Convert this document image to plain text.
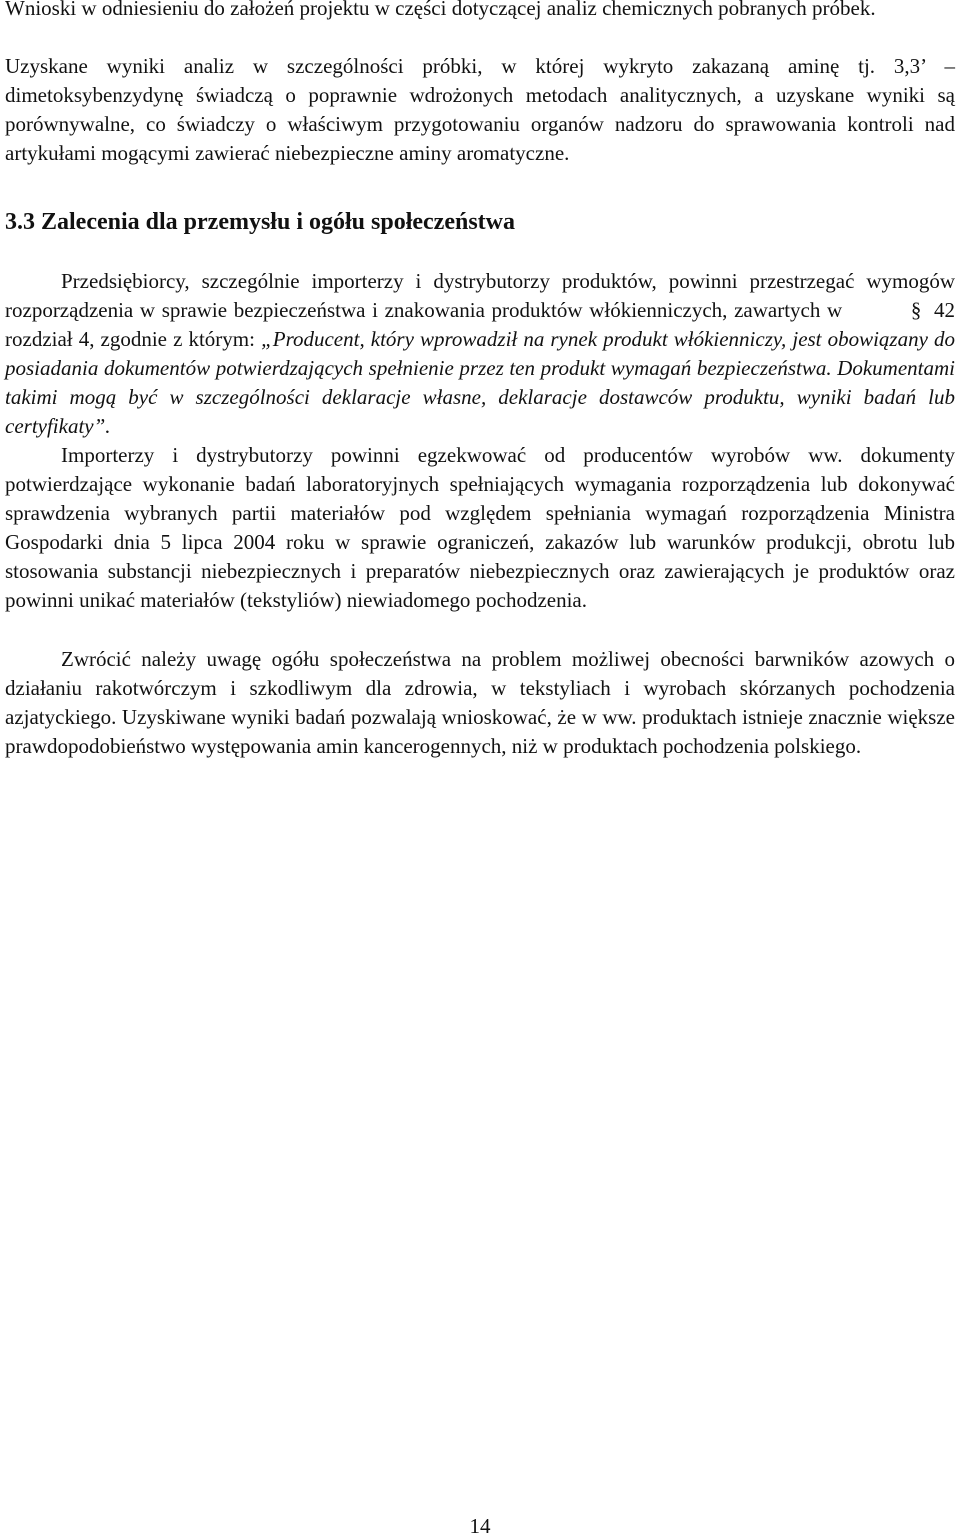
Wnioski w odniesieniu do założeń projektu w części dotyczącej analiz chemicznych pobranych próbek.

Uzyskane wyniki analiz w szczególności próbki, w której wykryto zakazaną aminę tj. 3,3’ – dimetoksybenzydynę świadczą o poprawnie wdrożonych metodach analitycznych, a uzyskane wyniki są porównywalne, co świadczy o właściwym przygotowaniu organów nadzoru do sprawowania kontroli nad artykułami mogącymi zawierać niebezpieczne aminy aromatyczne.

3.3 Zalecenia dla przemysłu i ogółu społeczeństwa

Przedsiębiorcy, szczególnie importerzy i dystrybutorzy produktów, powinni przestrzegać wymogów rozporządzenia w sprawie bezpieczeństwa i znakowania produktów włókienniczych, zawartych w	§ 42 rozdział 4, zgodnie z którym: „Producent, który wprowadził na rynek produkt włókienniczy, jest obowiązany do posiadania dokumentów potwierdzających spełnienie przez ten produkt wymagań bezpieczeństwa. Dokumentami takimi mogą być w szczególności deklaracje własne, deklaracje dostawców produktu, wyniki badań lub certyfikaty”.

Importerzy i dystrybutorzy powinni egzekwować od producentów wyrobów ww. dokumenty potwierdzające wykonanie badań laboratoryjnych spełniających wymagania rozporządzenia lub dokonywać sprawdzenia wybranych partii materiałów pod względem spełniania wymagań rozporządzenia Ministra Gospodarki dnia 5 lipca 2004 roku w sprawie ograniczeń, zakazów lub warunków produkcji, obrotu lub stosowania substancji niebezpiecznych i preparatów niebezpiecznych oraz zawierających je produktów oraz powinni unikać materiałów (tekstyliów) niewiadomego pochodzenia.

Zwrócić należy uwagę ogółu społeczeństwa na problem możliwej obecności barwników azowych o działaniu rakotwórczym i szkodliwym dla zdrowia, w tekstyliach i wyrobach skórzanych pochodzenia azjatyckiego. Uzyskiwane wyniki badań pozwalają wnioskować, że w ww. produktach istnieje znacznie większe prawdopodobieństwo występowania amin kancerogennych, niż w produktach pochodzenia polskiego.

14
